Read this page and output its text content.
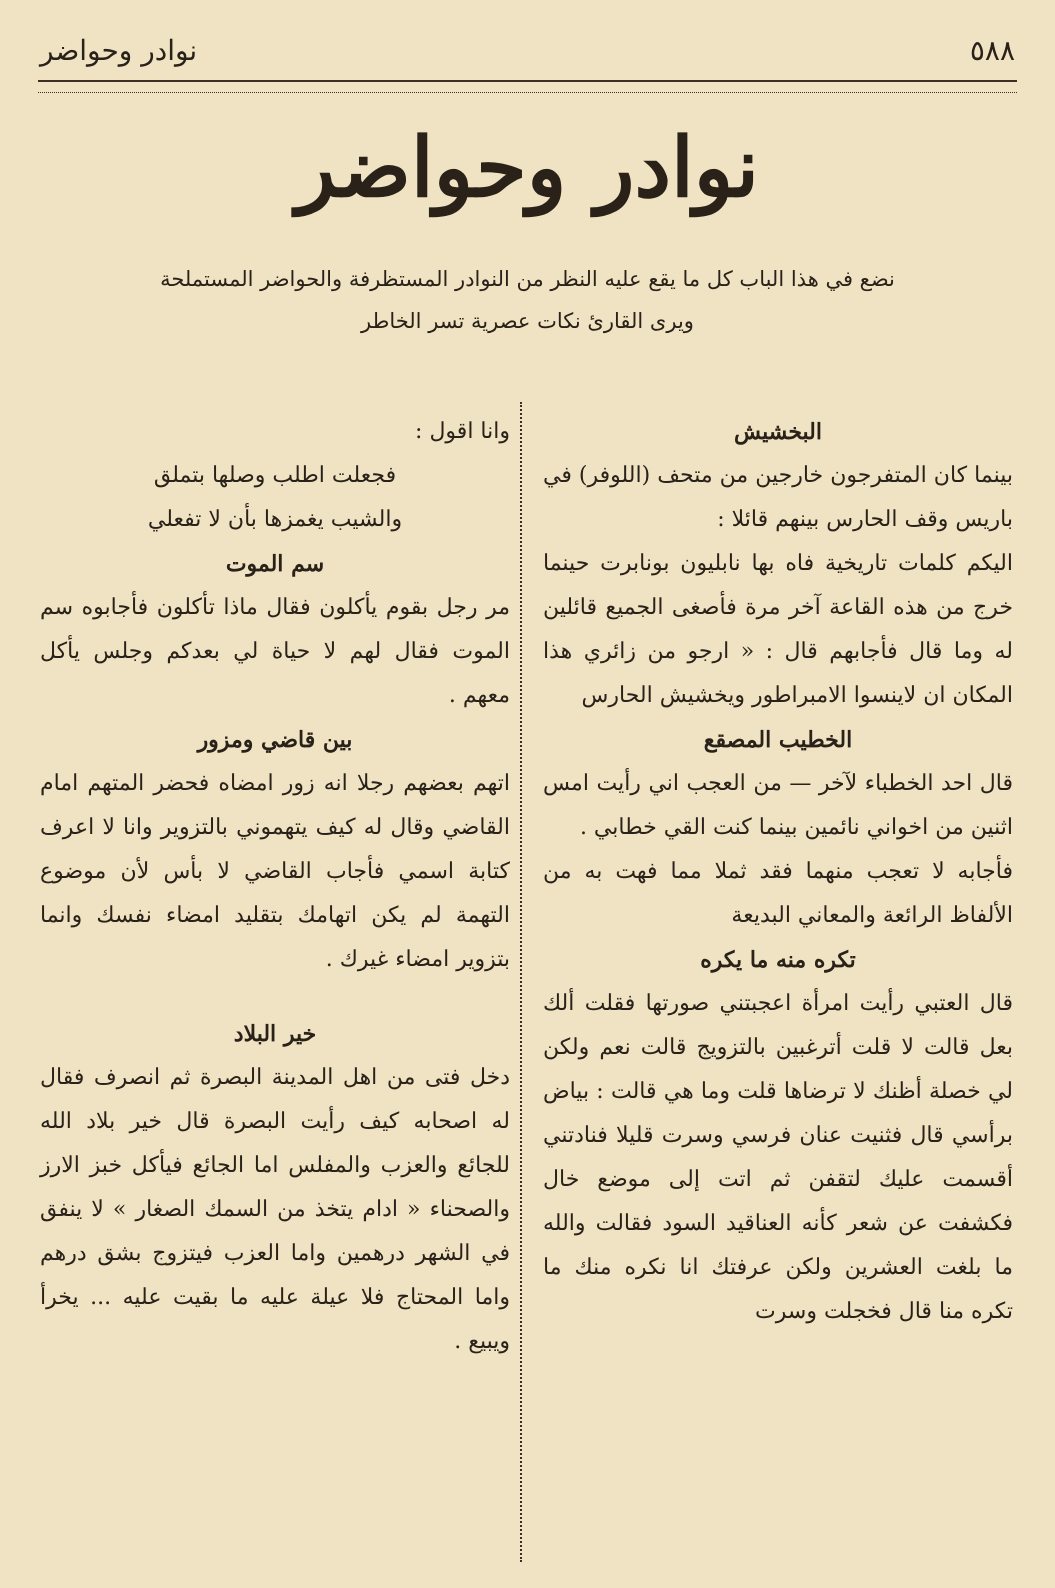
٥٨٨
نوادر وحواضر
نوادر وحواضر
نضع في هذا الباب كل ما يقع عليه النظر من النوادر المستظرفة والحواضر المستملحة
ويرى القارئ نكات عصرية تسر الخاطر

البخشيش

بينما كان المتفرجون خارجين من متحف (اللوفر) في باريس وقف الحارس بينهم قائلا :

اليكم كلمات تاريخية فاه بها نابليون بونابرت حينما خرج من هذه القاعة آخر مرة فأصغى الجميع قائلين له وما قال فأجابهم قال : « ارجو من زائري هذا المكان ان لاينسوا الامبراطور ويخشيش الحارس

الخطيب المصقع

قال احد الخطباء لآخر — من العجب اني رأيت امس اثنين من اخواني نائمين بينما كنت القي خطابي .

فأجابه لا تعجب منهما فقد ثملا مما فهت به من الألفاظ الرائعة والمعاني البديعة

تكره منه ما يكره

قال العتبي رأيت امرأة اعجبتني صورتها فقلت ألك بعل قالت لا قلت أترغبين بالتزويج قالت نعم ولكن لي خصلة أظنك لا ترضاها قلت وما هي قالت : بياض برأسي قال فثنيت عنان فرسي وسرت قليلا فنادتني أقسمت عليك لتقفن ثم اتت إلى موضع خال فكشفت عن شعر كأنه العناقيد السود فقالت والله ما بلغت العشرين ولكن عرفتك انا نكره منك ما تكره منا قال فخجلت وسرت

وانا اقول :

فجعلت اطلب وصلها بتملق

والشيب يغمزها بأن لا تفعلي

سم الموت

مر رجل بقوم يأكلون فقال ماذا تأكلون فأجابوه سم الموت فقال لهم لا حياة لي بعدكم وجلس يأكل معهم .

بين قاضي ومزور

اتهم بعضهم رجلا انه زور امضاه فحضر المتهم امام القاضي وقال له كيف يتهموني بالتزوير وانا لا اعرف كتابة اسمي فأجاب القاضي لا بأس لأن موضوع التهمة لم يكن اتهامك بتقليد امضاء نفسك وانما بتزوير امضاء غيرك .

خير البلاد

دخل فتى من اهل المدينة البصرة ثم انصرف فقال له اصحابه كيف رأيت البصرة قال خير بلاد الله للجائع والعزب والمفلس اما الجائع فيأكل خبز الارز والصحناء « ادام يتخذ من السمك الصغار » لا ينفق في الشهر درهمين واما العزب فيتزوج بشق درهم واما المحتاج فلا عيلة عليه ما بقيت عليه ... يخرأ ويبيع .
